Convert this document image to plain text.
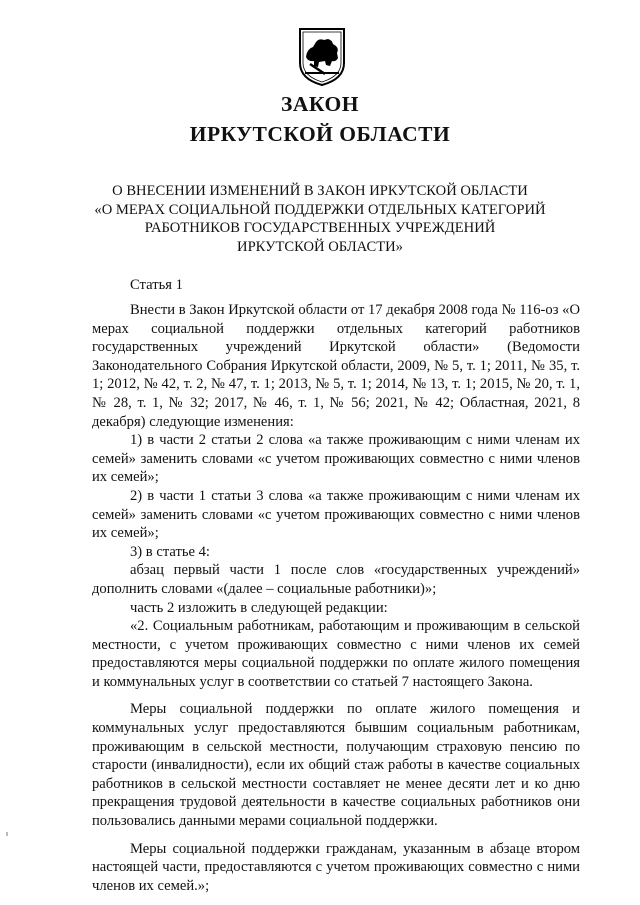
ЗАКОН
ИРКУТСКОЙ ОБЛАСТИ
О ВНЕСЕНИИ ИЗМЕНЕНИЙ В ЗАКОН ИРКУТСКОЙ ОБЛАСТИ
«О МЕРАХ СОЦИАЛЬНОЙ ПОДДЕРЖКИ ОТДЕЛЬНЫХ КАТЕГОРИЙ
РАБОТНИКОВ ГОСУДАРСТВЕННЫХ УЧРЕЖДЕНИЙ
ИРКУТСКОЙ ОБЛАСТИ»
Статья 1

Внести в Закон Иркутской области от 17 декабря 2008 года № 116-оз «О мерах социальной поддержки отдельных категорий работников государственных учреждений Иркутской области» (Ведомости Законодательного Собрания Иркутской области, 2009, № 5, т. 1; 2011, № 35, т. 1; 2012, № 42, т. 2, № 47, т. 1; 2013, № 5, т. 1; 2014, № 13, т. 1; 2015, № 20, т. 1, № 28, т. 1, № 32; 2017, № 46, т. 1, № 56; 2021, № 42; Областная, 2021, 8 декабря) следующие изменения:

1) в части 2 статьи 2 слова «а также проживающим с ними членам их семей» заменить словами «с учетом проживающих совместно с ними членов их семей»;

2) в части 1 статьи 3 слова «а также проживающим с ними членам их семей» заменить словами «с учетом проживающих совместно с ними членов их семей»;

3) в статье 4:

абзац первый части 1 после слов «государственных учреждений» дополнить словами «(далее – социальные работники)»;

часть 2 изложить в следующей редакции:

«2. Социальным работникам, работающим и проживающим в сельской местности, с учетом проживающих совместно с ними членов их семей предоставляются меры социальной поддержки по оплате жилого помещения и коммунальных услуг в соответствии со статьей 7 настоящего Закона.

Меры социальной поддержки по оплате жилого помещения и коммунальных услуг предоставляются бывшим социальным работникам, проживающим в сельской местности, получающим страховую пенсию по старости (инвалидности), если их общий стаж работы в качестве социальных работников в сельской местности составляет не менее десяти лет и ко дню прекращения трудовой деятельности в качестве социальных работников они пользовались данными мерами социальной поддержки.

Меры социальной поддержки гражданам, указанным в абзаце втором настоящей части, предоставляются с учетом проживающих совместно с ними членов их семей.»;
